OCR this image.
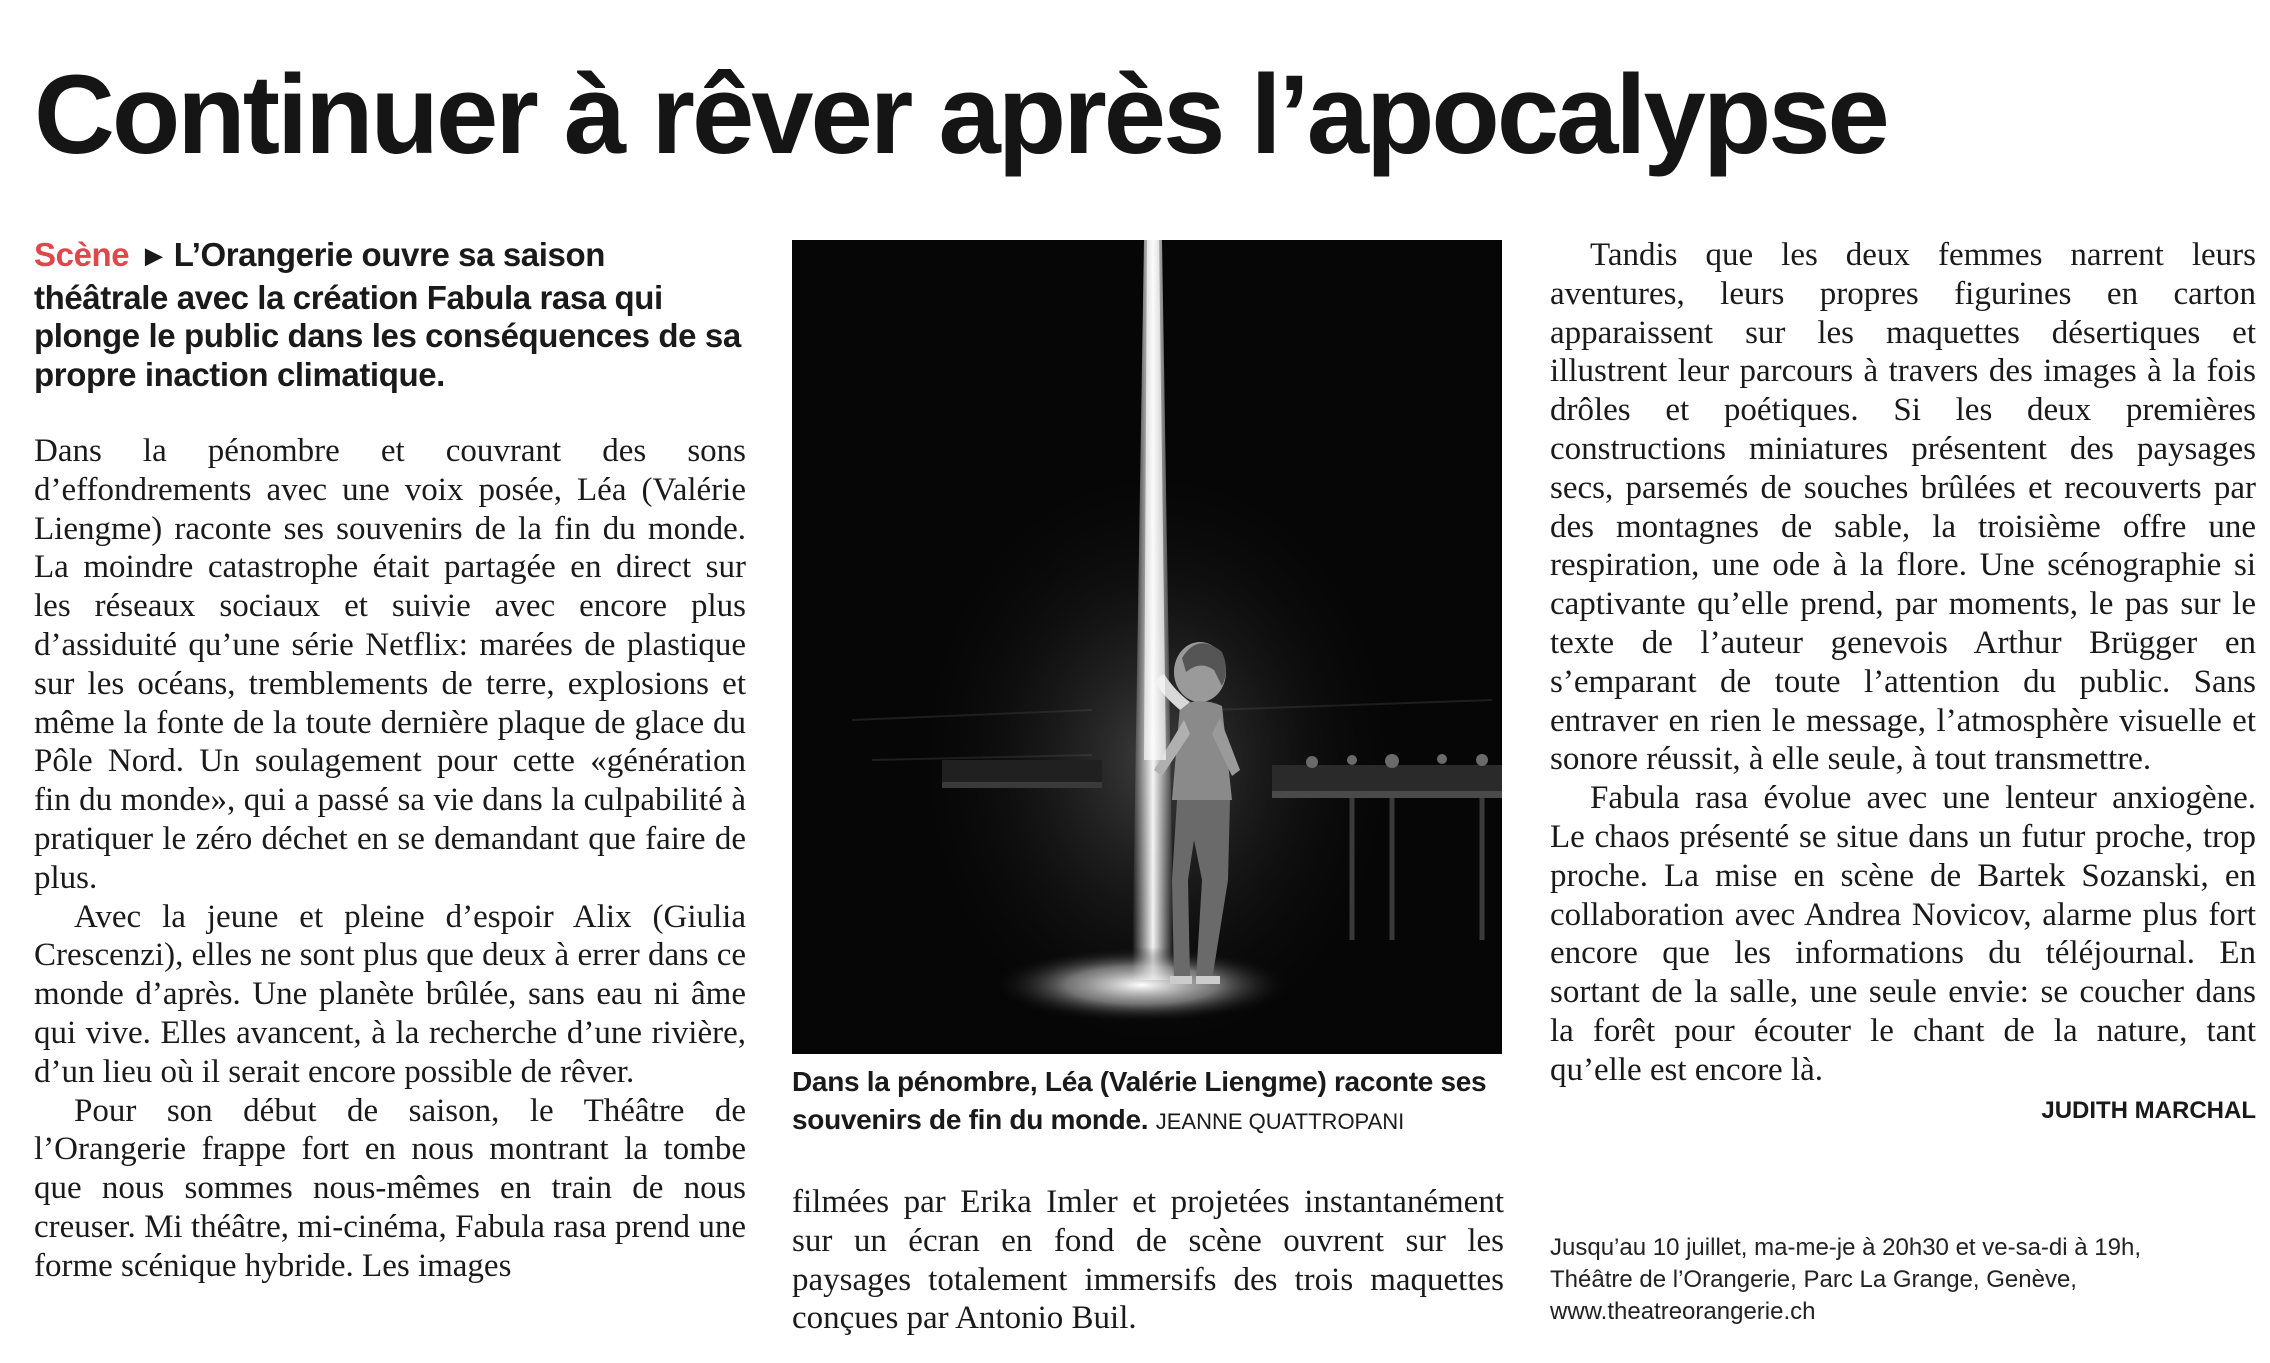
Continuer à rêver après l’apocalypse
Scène ▶ L’Orangerie ouvre sa saison théâtrale avec la création Fabula rasa qui plonge le public dans les conséquences de sa propre inaction climatique.

Dans la pénombre et couvrant des sons d’effondrements avec une voix posée, Léa (Valérie Liengme) raconte ses souvenirs de la fin du monde. La moindre catastrophe était partagée en direct sur les réseaux sociaux et suivie avec encore plus d’assiduité qu’une série Netflix: marées de plastique sur les océans, tremblements de terre, explosions et même la fonte de la toute dernière plaque de glace du Pôle Nord. Un soulagement pour cette «génération fin du monde», qui a passé sa vie dans la culpabilité à pratiquer le zéro déchet en se demandant que faire de plus.

Avec la jeune et pleine d’espoir Alix (Giulia Crescenzi), elles ne sont plus que deux à errer dans ce monde d’après. Une planète brûlée, sans eau ni âme qui vive. Elles avancent, à la recherche d’une rivière, d’un lieu où il serait encore possible de rêver.

Pour son début de saison, le Théâtre de l’Orangerie frappe fort en nous montrant la tombe que nous sommes nous-mêmes en train de nous creuser. Mi théâtre, mi-cinéma, Fabula rasa prend une forme scénique hybride. Les images

Dans la pénombre, Léa (Valérie Liengme) raconte ses souvenirs de fin du monde. JEANNE QUATTROPANI

filmées par Erika Imler et projetées instantanément sur un écran en fond de scène ouvrent sur les paysages totalement immersifs des trois maquettes conçues par Antonio Buil.

Tandis que les deux femmes narrent leurs aventures, leurs propres figurines en carton apparaissent sur les maquettes désertiques et illustrent leur parcours à travers des images à la fois drôles et poétiques. Si les deux premières constructions miniatures présentent des paysages secs, parsemés de souches brûlées et recouverts par des montagnes de sable, la troisième offre une respiration, une ode à la flore. Une scénographie si captivante qu’elle prend, par moments, le pas sur le texte de l’auteur genevois Arthur Brügger en s’emparant de toute l’attention du public. Sans entraver en rien le message, l’atmosphère visuelle et sonore réussit, à elle seule, à tout transmettre.

Fabula rasa évolue avec une lenteur anxiogène. Le chaos présenté se situe dans un futur proche, trop proche. La mise en scène de Bartek Sozanski, en collaboration avec Andrea Novicov, alarme plus fort encore que les informations du téléjournal. En sortant de la salle, une seule envie: se coucher dans la forêt pour écouter le chant de la nature, tant qu’elle est encore là.

JUDITH MARCHAL
Jusqu’au 10 juillet, ma-me-je à 20h30 et ve-sa-di à 19h,
Théâtre de l’Orangerie, Parc La Grange, Genève,
www.theatreorangerie.ch
